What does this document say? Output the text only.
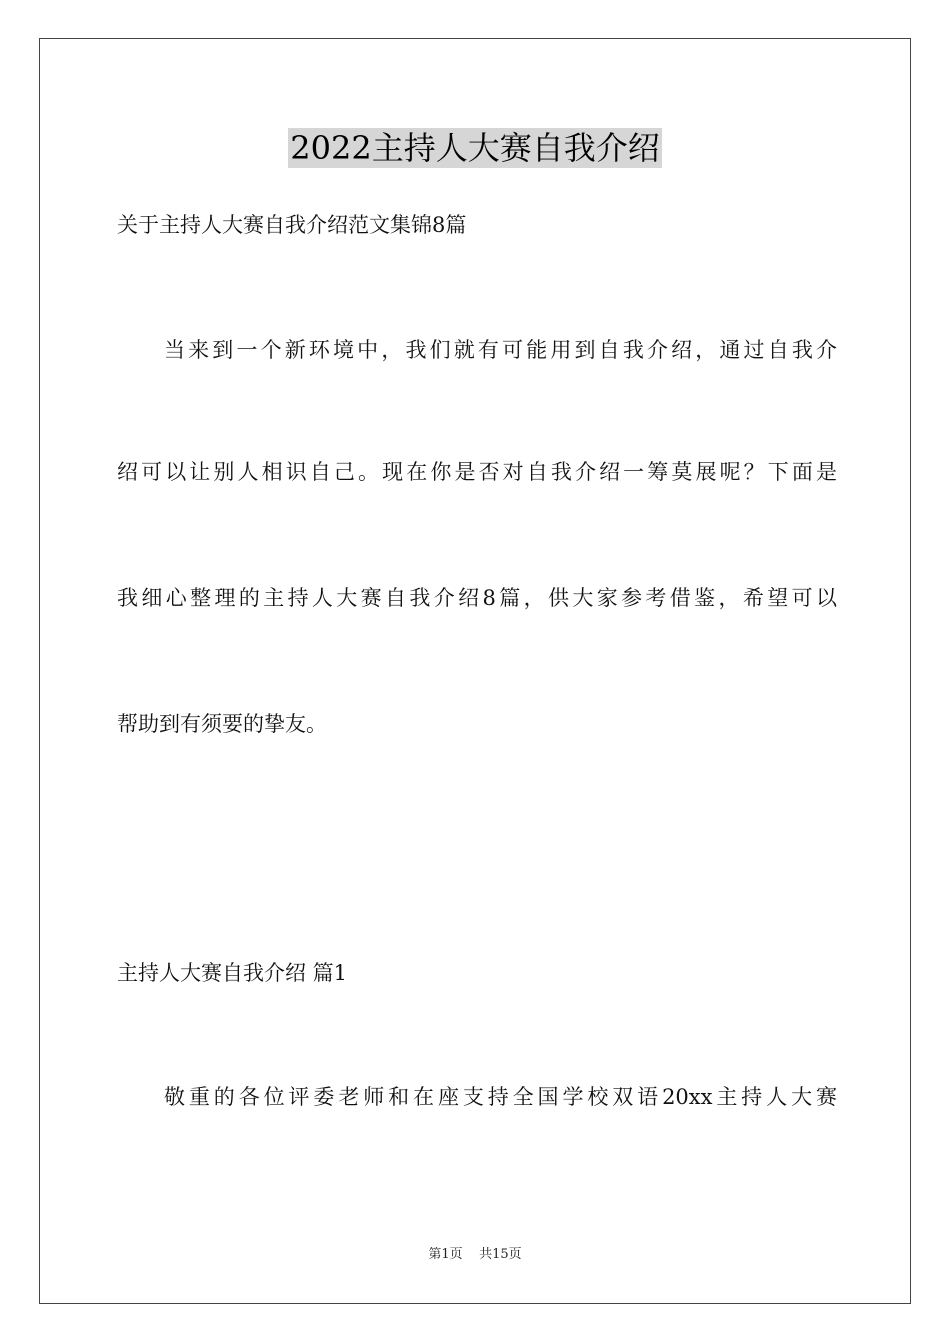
2022主持人大赛自我介绍
关于主持人大赛自我介绍范文集锦8篇
当来到一个新环境中，我们就有可能用到自我介绍，通过自我介
绍可以让别人相识自己。现在你是否对自我介绍一筹莫展呢？下面是
我细心整理的主持人大赛自我介绍8篇，供大家参考借鉴，希望可以
帮助到有须要的挚友。
主持人大赛自我介绍 篇1
敬重的各位评委老师和在座支持全国学校双语20xx主持人大赛
第1页 共15页
